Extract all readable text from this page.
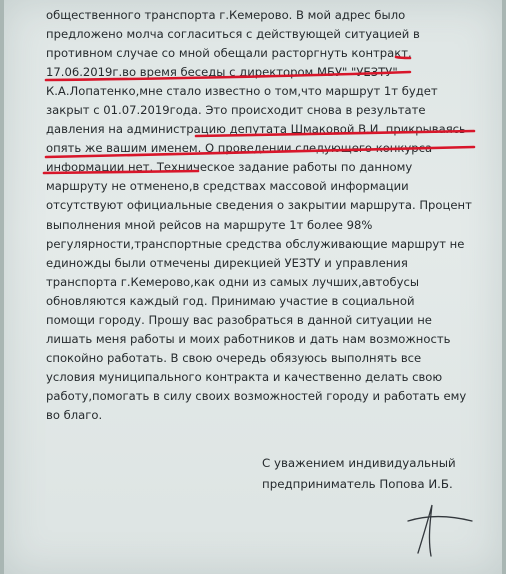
общественного транспорта г.Кемерово. В мой адрес было
предложено молча согласиться с действующей ситуацией в
противном случае со мной обещали расторгнуть контракт.
17.06.2019г.во время беседы с директором МБУ" "УЕЗТУ"
К.А.Лопатенко,мне стало известно о том,что маршрут 1т будет
закрыт с 01.07.2019года. Это происходит снова в результате
давления на администрацию депутата Шмаковой В.И. прикрываясь
опять же вашим именем. О проведении следующего конкурса
информации нет. Техническое задание работы по данному
маршруту не отменено,в средствах массовой информации
отсутствуют официальные сведения о закрытии маршрута. Процент
выполнения мной рейсов на маршруте 1т более 98%
регулярности,транспортные средства обслуживающие маршрут не
единожды были отмечены дирекцией УЕЗТУ и управления
транспорта г.Кемерово,как одни из самых лучших,автобусы
обновляются каждый год. Принимаю участие в социальной
помощи городу. Прошу вас разобраться в данной ситуации не
лишать меня работы и моих работников и дать нам возможность
спокойно работать. В свою очередь обязуюсь выполнять все
условия муниципального контракта и качественно делать свою
работу,помогать в силу своих возможностей городу и работать ему
во благо.
С уважением индивидуальный
предприниматель Попова И.Б.
